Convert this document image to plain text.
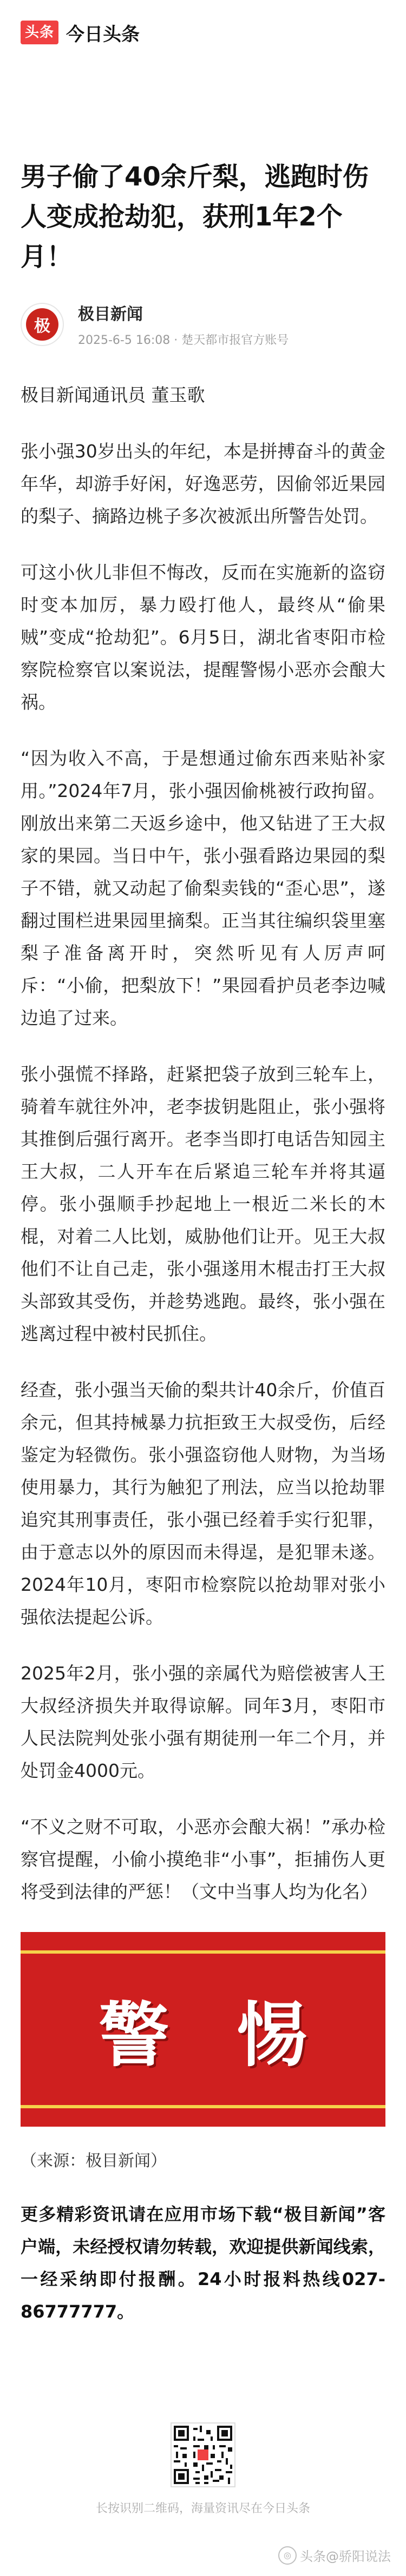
头条 今日头条
男子偷了40余斤梨，逃跑时伤人变成抢劫犯，获刑1年2个月！
极
极目新闻
2025-6-5 16:08 · 楚天都市报官方账号

极目新闻通讯员 董玉歌

张小强30岁出头的年纪，本是拼搏奋斗的黄金年华，却游手好闲，好逸恶劳，因偷邻近果园的梨子、摘路边桃子多次被派出所警告处罚。

可这小伙儿非但不悔改，反而在实施新的盗窃时变本加厉，暴力殴打他人，最终从“偷果贼”变成“抢劫犯”。6月5日，湖北省枣阳市检察院检察官以案说法，提醒警惕小恶亦会酿大祸。

“因为收入不高，于是想通过偷东西来贴补家用。”2024年7月，张小强因偷桃被行政拘留。刚放出来第二天返乡途中，他又钻进了王大叔家的果园。当日中午，张小强看路边果园的梨子不错，就又动起了偷梨卖钱的“歪心思”，遂翻过围栏进果园里摘梨。正当其往编织袋里塞梨子准备离开时，突然听见有人厉声呵斥：“小偷，把梨放下！”果园看护员老李边喊边追了过来。

张小强慌不择路，赶紧把袋子放到三轮车上，骑着车就往外冲，老李拔钥匙阻止，张小强将其推倒后强行离开。老李当即打电话告知园主王大叔，二人开车在后紧追三轮车并将其逼停。张小强顺手抄起地上一根近二米长的木棍，对着二人比划，威胁他们让开。见王大叔他们不让自己走，张小强遂用木棍击打王大叔头部致其受伤，并趁势逃跑。最终，张小强在逃离过程中被村民抓住。

经查，张小强当天偷的梨共计40余斤，价值百余元，但其持械暴力抗拒致王大叔受伤，后经鉴定为轻微伤。张小强盗窃他人财物，为当场使用暴力，其行为触犯了刑法，应当以抢劫罪追究其刑事责任，张小强已经着手实行犯罪，由于意志以外的原因而未得逞，是犯罪未遂。2024年10月，枣阳市检察院以抢劫罪对张小强依法提起公诉。

2025年2月，张小强的亲属代为赔偿被害人王大叔经济损失并取得谅解。同年3月，枣阳市人民法院判处张小强有期徒刑一年二个月，并处罚金4000元。

“不义之财不可取，小恶亦会酿大祸！”承办检察官提醒，小偷小摸绝非“小事”，拒捕伤人更将受到法律的严惩！（文中当事人均为化名）

警 惕
（来源：极目新闻）
更多精彩资讯请在应用市场下载“极目新闻”客户端，未经授权请勿转载，欢迎提供新闻线索，一经采纳即付报酬。24小时报料热线027-86777777。
长按识别二维码，海量资讯尽在今日头条
◎ 头条@骄阳说法
